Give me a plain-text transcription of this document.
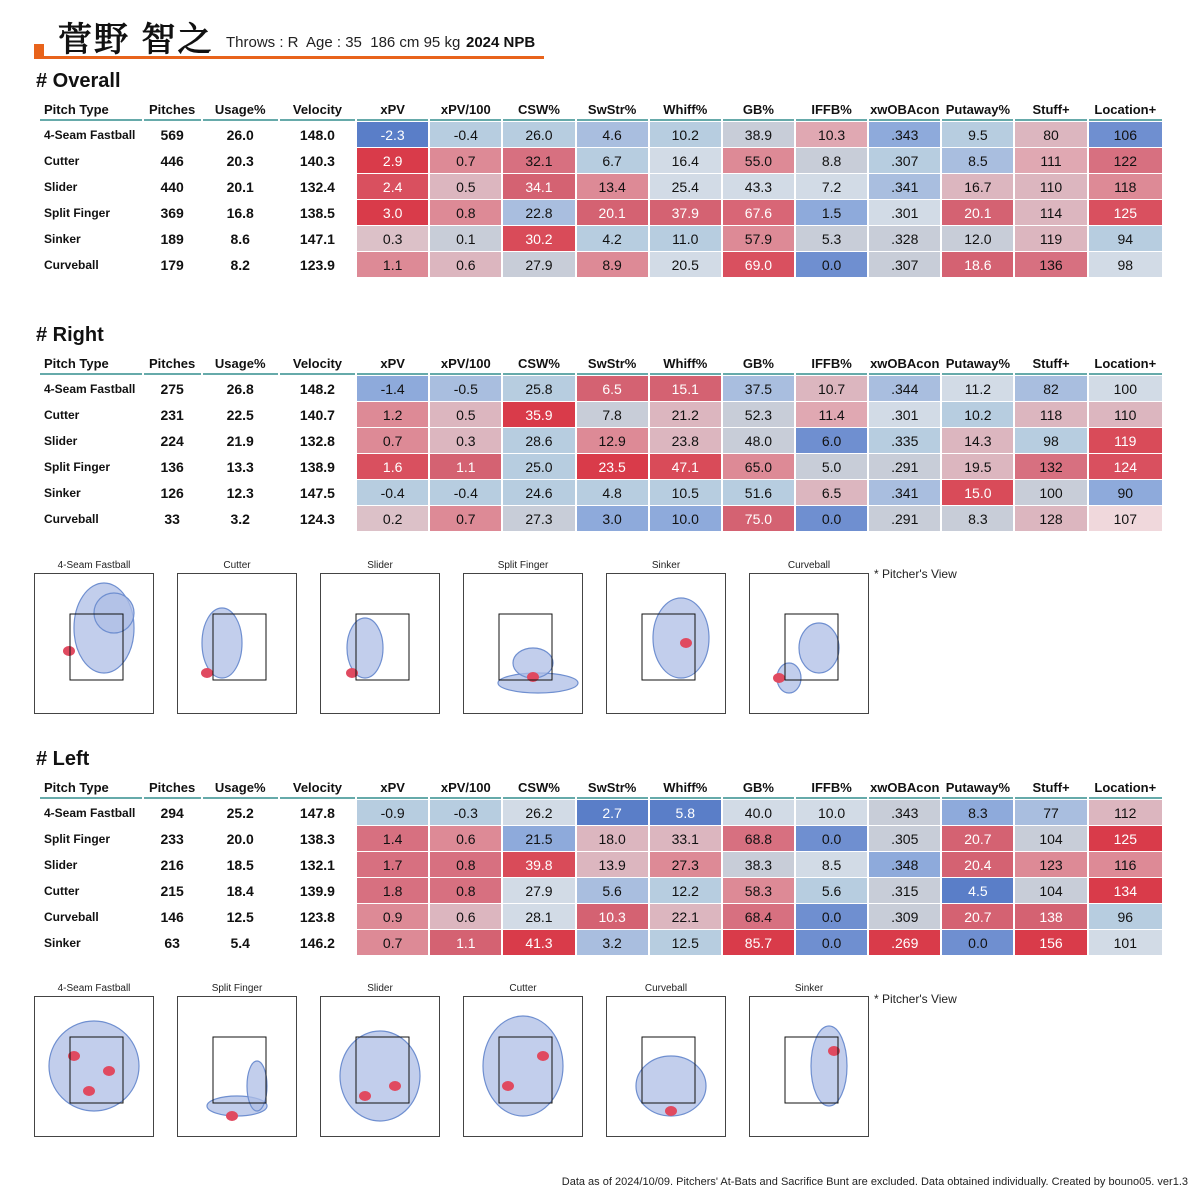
菅野 智之 Throws : R  Age : 35  186 cm 95 kg 2024 NPB
# Overall
Pitch Type	Pitches	Usage%	Velocity	xPV	xPV/100	CSW%	SwStr%	Whiff%	GB%	IFFB%	xwOBAcon	Putaway%	Stuff+	Location+
4-Seam Fastball	569	26.0	148.0	-2.3	-0.4	26.0	4.6	10.2	38.9	10.3	.343	9.5	80	106
Cutter	446	20.3	140.3	2.9	0.7	32.1	6.7	16.4	55.0	8.8	.307	8.5	111	122
Slider	440	20.1	132.4	2.4	0.5	34.1	13.4	25.4	43.3	7.2	.341	16.7	110	118
Split Finger	369	16.8	138.5	3.0	0.8	22.8	20.1	37.9	67.6	1.5	.301	20.1	114	125
Sinker	189	8.6	147.1	0.3	0.1	30.2	4.2	11.0	57.9	5.3	.328	12.0	119	94
Curveball	179	8.2	123.9	1.1	0.6	27.9	8.9	20.5	69.0	0.0	.307	18.6	136	98
# Right
Pitch Type	Pitches	Usage%	Velocity	xPV	xPV/100	CSW%	SwStr%	Whiff%	GB%	IFFB%	xwOBAcon	Putaway%	Stuff+	Location+
4-Seam Fastball	275	26.8	148.2	-1.4	-0.5	25.8	6.5	15.1	37.5	10.7	.344	11.2	82	100
Cutter	231	22.5	140.7	1.2	0.5	35.9	7.8	21.2	52.3	11.4	.301	10.2	118	110
Slider	224	21.9	132.8	0.7	0.3	28.6	12.9	23.8	48.0	6.0	.335	14.3	98	119
Split Finger	136	13.3	138.9	1.6	1.1	25.0	23.5	47.1	65.0	5.0	.291	19.5	132	124
Sinker	126	12.3	147.5	-0.4	-0.4	24.6	4.8	10.5	51.6	6.5	.341	15.0	100	90
Curveball	33	3.2	124.3	0.2	0.7	27.3	3.0	10.0	75.0	0.0	.291	8.3	128	107
4-Seam Fastball	Cutter	Slider	Split Finger	Sinker	Curveball
* Pitcher's View
# Left
Pitch Type	Pitches	Usage%	Velocity	xPV	xPV/100	CSW%	SwStr%	Whiff%	GB%	IFFB%	xwOBAcon	Putaway%	Stuff+	Location+
4-Seam Fastball	294	25.2	147.8	-0.9	-0.3	26.2	2.7	5.8	40.0	10.0	.343	8.3	77	112
Split Finger	233	20.0	138.3	1.4	0.6	21.5	18.0	33.1	68.8	0.0	.305	20.7	104	125
Slider	216	18.5	132.1	1.7	0.8	39.8	13.9	27.3	38.3	8.5	.348	20.4	123	116
Cutter	215	18.4	139.9	1.8	0.8	27.9	5.6	12.2	58.3	5.6	.315	4.5	104	134
Curveball	146	12.5	123.8	0.9	0.6	28.1	10.3	22.1	68.4	0.0	.309	20.7	138	96
Sinker	63	5.4	146.2	0.7	1.1	41.3	3.2	12.5	85.7	0.0	.269	0.0	156	101
4-Seam Fastball	Split Finger	Slider	Cutter	Curveball	Sinker
* Pitcher's View
Data as of 2024/10/09. Pitchers' At-Bats and Sacrifice Bunt are excluded. Data obtained individually. Created by bouno05. ver1.3
